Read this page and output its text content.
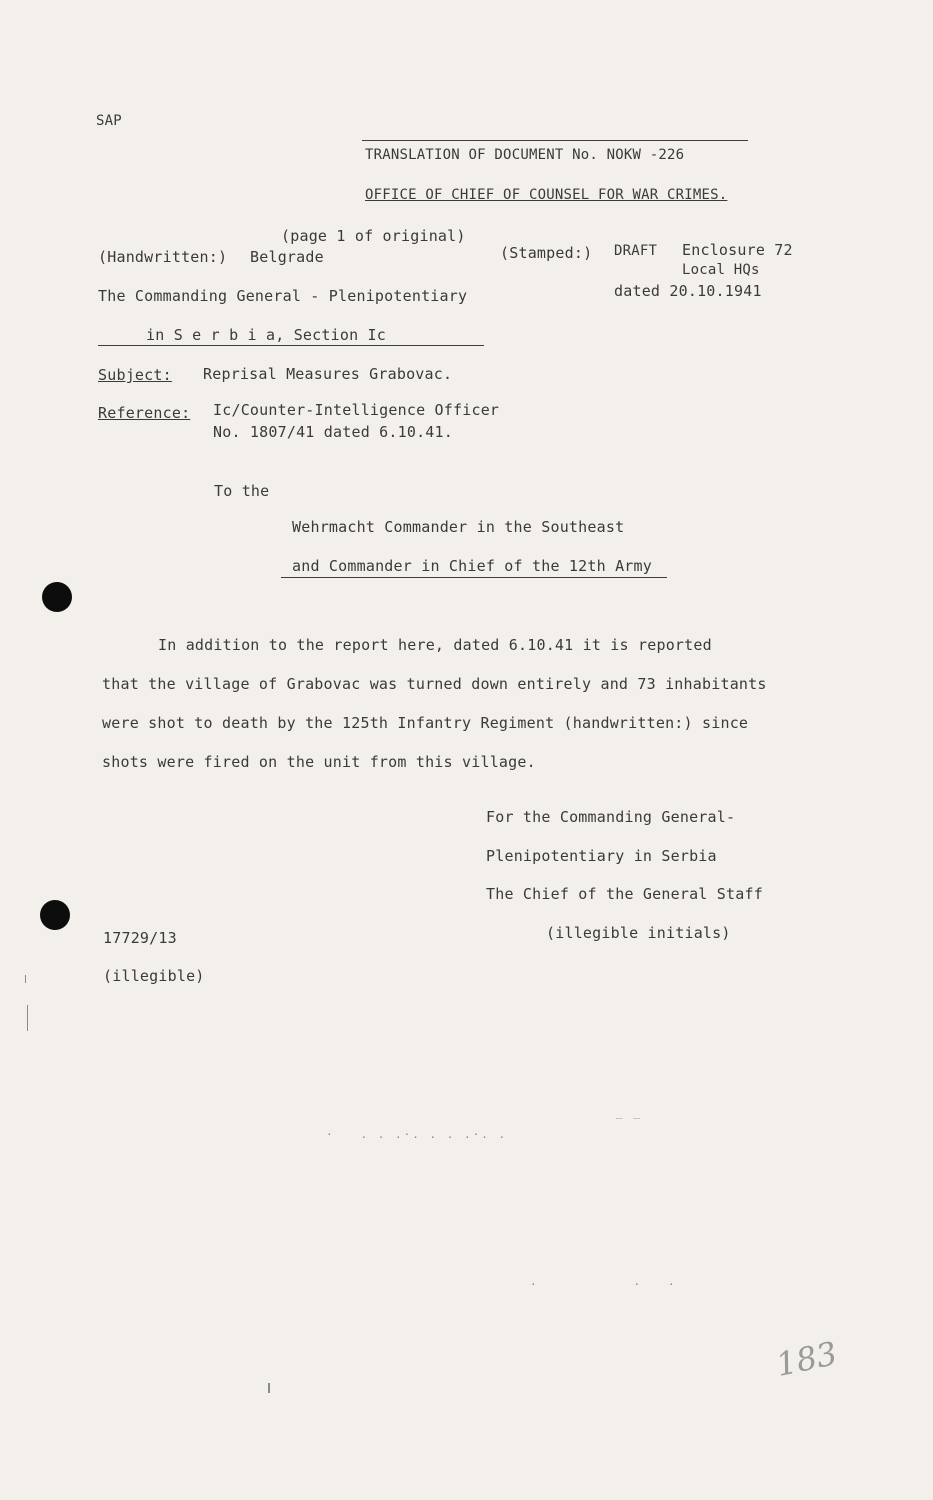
SAP
TRANSLATION OF DOCUMENT No. NOKW -226
OFFICE OF CHIEF OF COUNSEL FOR WAR CRIMES.
(page 1 of original)
(Handwritten:) Belgrade	(Stamped:) DRAFT Enclosure 72
Local HQs
dated 20.10.1941
The Commanding General - Plenipotentiary
in S e r b i a, Section Ic
Subject: Reprisal Measures Grabovac.
Reference: Ic/Counter-Intelligence Officer
No. 1807/41 dated 6.10.41.
To the
Wehrmacht Commander in the Southeast
and Commander in Chief of the 12th Army
In addition to the report here, dated 6.10.41 it is reported
that the village of Grabovac was turned down entirely and 73 inhabitants
were shot to death by the 125th Infantry Regiment (handwritten:) since
shots were fired on the unit from this village.
For the Commanding General-
Plenipotentiary in Serbia
The Chief of the General Staff
(illegible initials)
17729/13
(illegible)
·   . . .·. . . .·. .
_ _
·           ·   ·
183
